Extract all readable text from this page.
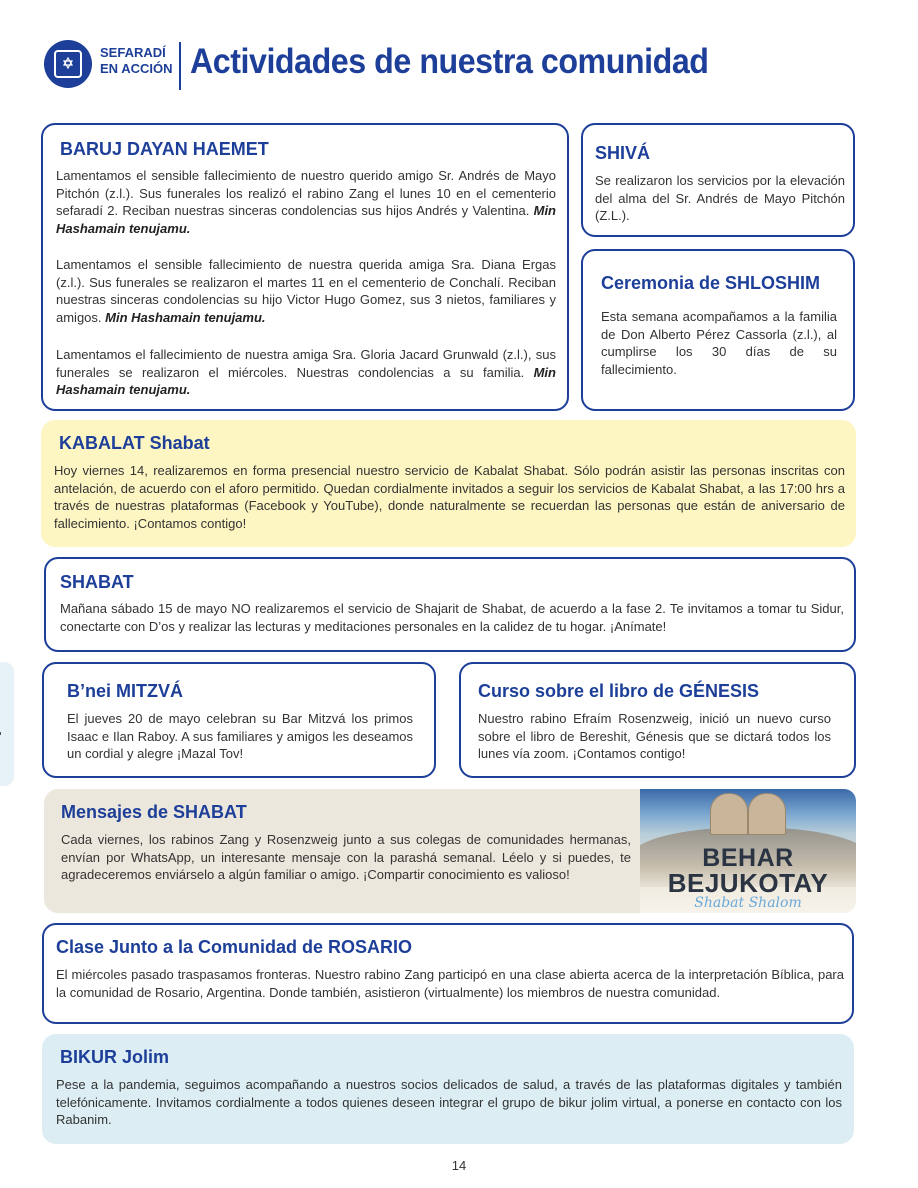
SEFARADÍ
EN ACCIÓN Actividades de nuestra comunidad
BARUJ DAYAN HAEMET
Lamentamos el sensible fallecimiento de nuestro querido amigo Sr. Andrés de Mayo Pitchón (z.l.). Sus funerales los realizó el rabino Zang el lunes 10 en el cementerio sefaradí 2. Reciban nuestras sinceras condolencias sus hijos Andrés y Valentina. Min Hashamain tenujamu.
Lamentamos el sensible fallecimiento de nuestra querida amiga Sra. Diana Ergas (z.l.). Sus funerales se realizaron el martes 11 en el cementerio de Conchalí. Reciban nuestras sinceras condolencias su hijo Victor Hugo Gomez, sus 3 nietos, familiares y amigos. Min Hashamain tenujamu.
Lamentamos el fallecimiento de nuestra amiga Sra. Gloria Jacard Grunwald (z.l.), sus funerales se realizaron el miércoles. Nuestras condolencias a su familia. Min Hashamain tenujamu.
SHIVÁ
Se realizaron los servicios por la elevación del alma del Sr. Andrés de Mayo Pitchón (Z.L.).
Ceremonia de SHLOSHIM
Esta semana acompañamos a la familia de Don Alberto Pérez Cassorla (z.l.), al cumplirse los 30 días de su fallecimiento.
KABALAT Shabat
Hoy viernes 14, realizaremos en forma presencial nuestro servicio de Kabalat Shabat. Sólo podrán asistir las personas inscritas con antelación, de acuerdo con el aforo permitido. Quedan cordialmente invitados a seguir los servicios de Kabalat Shabat, a las 17:00 hrs a través de nuestras plataformas (Facebook y YouTube), donde naturalmente se recuerdan las personas que están de aniversario de fallecimiento. ¡Contamos contigo!
SHABAT
Mañana sábado 15 de mayo NO realizaremos el servicio de Shajarit de Shabat, de acuerdo a la fase 2. Te invitamos a tomar tu Sidur, conectarte con D’os y realizar las lecturas y meditaciones personales en la calidez de tu hogar. ¡Anímate!
B’nei MITZVÁ
El jueves 20 de mayo celebran su Bar Mitzvá los primos Isaac e Ilan Raboy. A sus familiares y amigos les deseamos un cordial y alegre ¡Mazal Tov!
Curso sobre el libro de GÉNESIS
Nuestro rabino Efraím Rosenzweig, inició un nuevo curso sobre el libro de Bereshit, Génesis que se dictará todos los lunes vía zoom. ¡Contamos contigo!
Mensajes de SHABAT
Cada viernes, los rabinos Zang y Rosenzweig junto a sus colegas de comunidades hermanas, envían por WhatsApp, un interesante mensaje con la parashá semanal. Léelo y si puedes, te agradeceremos enviárselo a algún familiar o amigo. ¡Compartir conocimiento es valioso!
BEHAR
BEJUKOTAY
Shabat Shalom
Clase Junto a la Comunidad de ROSARIO
El miércoles pasado traspasamos fronteras. Nuestro rabino Zang participó en una clase abierta acerca de la interpretación Bíblica, para la comunidad de Rosario, Argentina. Donde también, asistieron (virtualmente) los miembros de nuestra comunidad.
BIKUR Jolim
Pese a la pandemia, seguimos acompañando a nuestros socios delicados de salud, a través de las plataformas digitales y también telefónicamente. Invitamos cordialmente a todos quienes deseen integrar el grupo de bikur jolim virtual, a ponerse en contacto con los Rabanim.
14
